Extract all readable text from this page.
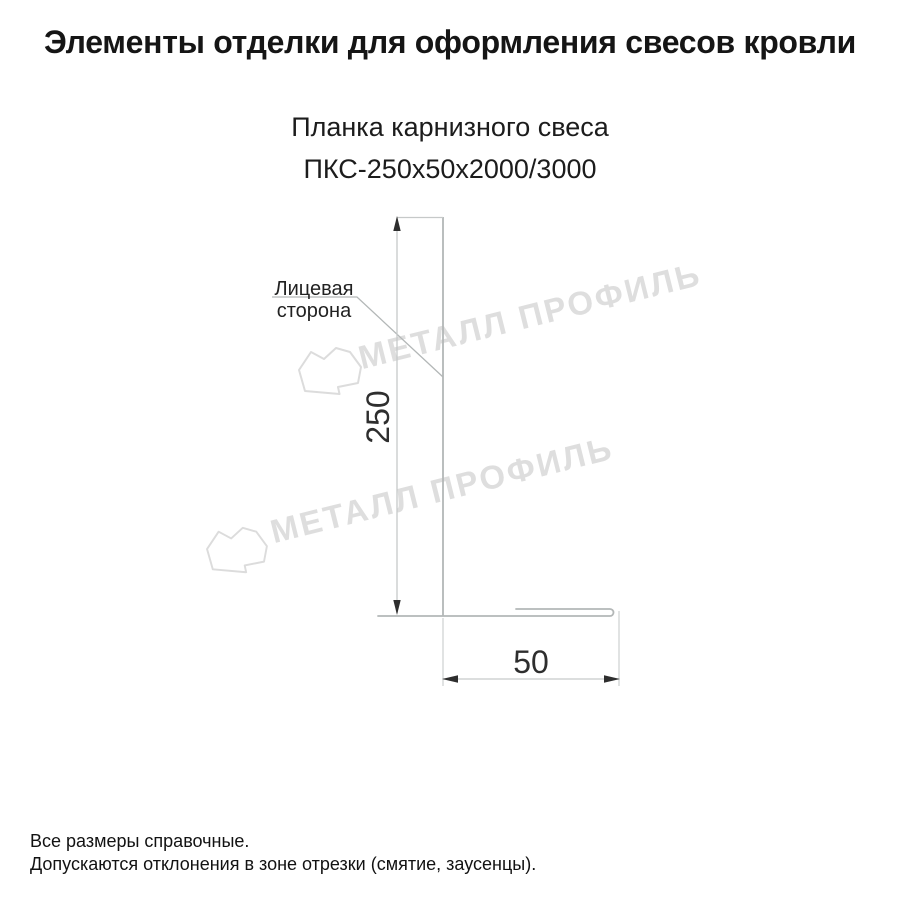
Элементы отделки для оформления свесов кровли
Планка карнизного свеса
ПКС-250х50х2000/3000
МЕТАЛЛ ПРОФИЛЬ
МЕТАЛЛ ПРОФИЛЬ
Лицевая
сторона
250
50
Все размеры справочные.
Допускаются отклонения в зоне отрезки (смятие, заусенцы).
